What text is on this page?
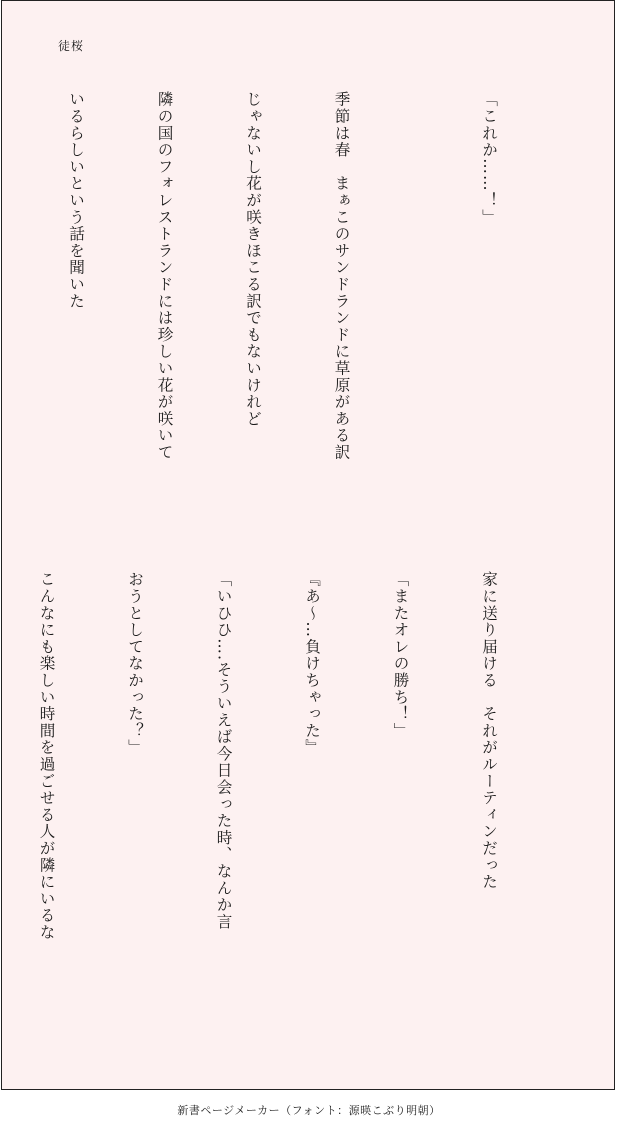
徒桜

「これか……！」

季節は春　まぁこのサンドランドに草原がある訳

じゃないし花が咲きほこる訳でもないけれど

隣の国のフォレストランドには珍しい花が咲いて

いるらしいという話を聞いた

家に送り届ける　それがルーティンだった

「またオレの勝ち！」

『あ～…負けちゃった』

「いひひ….そういえば今日会った時、なんか言

おうとしてなかった？」

こんなにも楽しい時間を過ごせる人が隣にいるな

新書ページメーカー（フォント：源暎こぶり明朝）
